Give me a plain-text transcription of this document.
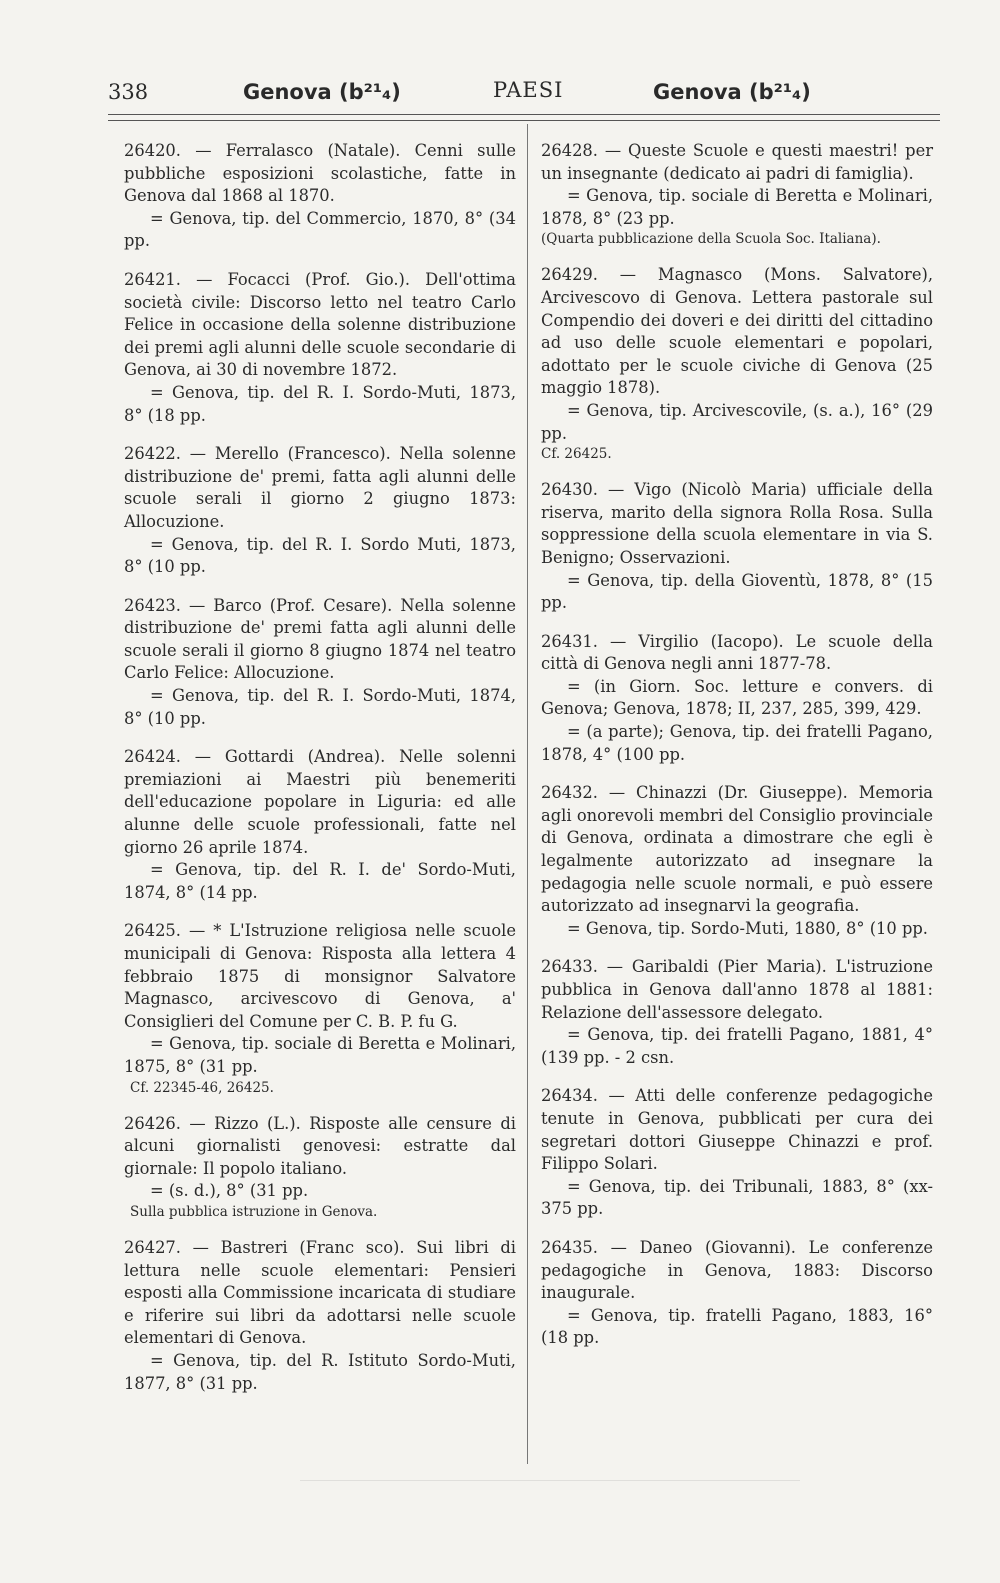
338	Genova (b²¹₄)	PAESI	Genova (b²¹₄)

26420. — Ferralasco (Natale). Cenni sulle pubbliche esposizioni scolastiche, fatte in Genova dal 1868 al 1870.

= Genova, tip. del Commercio, 1870, 8° (34 pp.

26421. — Focacci (Prof. Gio.). Dell'ottima società civile: Discorso letto nel teatro Carlo Felice in occasione della solenne distribuzione dei premi agli alunni delle scuole secondarie di Genova, ai 30 di novembre 1872.

= Genova, tip. del R. I. Sordo-Muti, 1873, 8° (18 pp.

26422. — Merello (Francesco). Nella solenne distribuzione de' premi, fatta agli alunni delle scuole serali il giorno 2 giugno 1873: Allocuzione.

= Genova, tip. del R. I. Sordo Muti, 1873, 8° (10 pp.

26423. — Barco (Prof. Cesare). Nella solenne distribuzione de' premi fatta agli alunni delle scuole serali il giorno 8 giugno 1874 nel teatro Carlo Felice: Allocuzione.

= Genova, tip. del R. I. Sordo-Muti, 1874, 8° (10 pp.

26424. — Gottardi (Andrea). Nelle solenni premiazioni ai Maestri più benemeriti dell'educazione popolare in Liguria: ed alle alunne delle scuole professionali, fatte nel giorno 26 aprile 1874.

= Genova, tip. del R. I. de' Sordo-Muti, 1874, 8° (14 pp.

26425. — * L'Istruzione religiosa nelle scuole municipali di Genova: Risposta alla lettera 4 febbraio 1875 di monsignor Salvatore Magnasco, arcivescovo di Genova, a' Consiglieri del Comune per C. B. P. fu G.

= Genova, tip. sociale di Beretta e Molinari, 1875, 8° (31 pp.

Cf. 22345-46, 26425.

26426. — Rizzo (L.). Risposte alle censure di alcuni giornalisti genovesi: estratte dal giornale: Il popolo italiano.

= (s. d.), 8° (31 pp.

Sulla pubblica istruzione in Genova.

26427. — Bastreri (Franc sco). Sui libri di lettura nelle scuole elementari: Pensieri esposti alla Commissione incaricata di studiare e riferire sui libri da adottarsi nelle scuole elementari di Genova.

= Genova, tip. del R. Istituto Sordo-Muti, 1877, 8° (31 pp.

26428. — Queste Scuole e questi maestri! per un insegnante (dedicato ai padri di famiglia).

= Genova, tip. sociale di Beretta e Molinari, 1878, 8° (23 pp.

(Quarta pubblicazione della Scuola Soc. Italiana).

26429. — Magnasco (Mons. Salvatore), Arcivescovo di Genova. Lettera pastorale sul Compendio dei doveri e dei diritti del cittadino ad uso delle scuole elementari e popolari, adottato per le scuole civiche di Genova (25 maggio 1878).

= Genova, tip. Arcivescovile, (s. a.), 16° (29 pp.

Cf. 26425.

26430. — Vigo (Nicolò Maria) ufficiale della riserva, marito della signora Rolla Rosa. Sulla soppressione della scuola elementare in via S. Benigno; Osservazioni.

= Genova, tip. della Gioventù, 1878, 8° (15 pp.

26431. — Virgilio (Iacopo). Le scuole della città di Genova negli anni 1877-78.

= (in Giorn. Soc. letture e convers. di Genova; Genova, 1878; II, 237, 285, 399, 429.

= (a parte); Genova, tip. dei fratelli Pagano, 1878, 4° (100 pp.

26432. — Chinazzi (Dr. Giuseppe). Memoria agli onorevoli membri del Consiglio provinciale di Genova, ordinata a dimostrare che egli è legalmente autorizzato ad insegnare la pedagogia nelle scuole normali, e può essere autorizzato ad insegnarvi la geografia.

= Genova, tip. Sordo-Muti, 1880, 8° (10 pp.

26433. — Garibaldi (Pier Maria). L'istruzione pubblica in Genova dall'anno 1878 al 1881: Relazione dell'assessore delegato.

= Genova, tip. dei fratelli Pagano, 1881, 4° (139 pp. - 2 csn.

26434. — Atti delle conferenze pedagogiche tenute in Genova, pubblicati per cura dei segretari dottori Giuseppe Chinazzi e prof. Filippo Solari.

= Genova, tip. dei Tribunali, 1883, 8° (xx-375 pp.

26435. — Daneo (Giovanni). Le conferenze pedagogiche in Genova, 1883: Discorso inaugurale.

= Genova, tip. fratelli Pagano, 1883, 16° (18 pp.
